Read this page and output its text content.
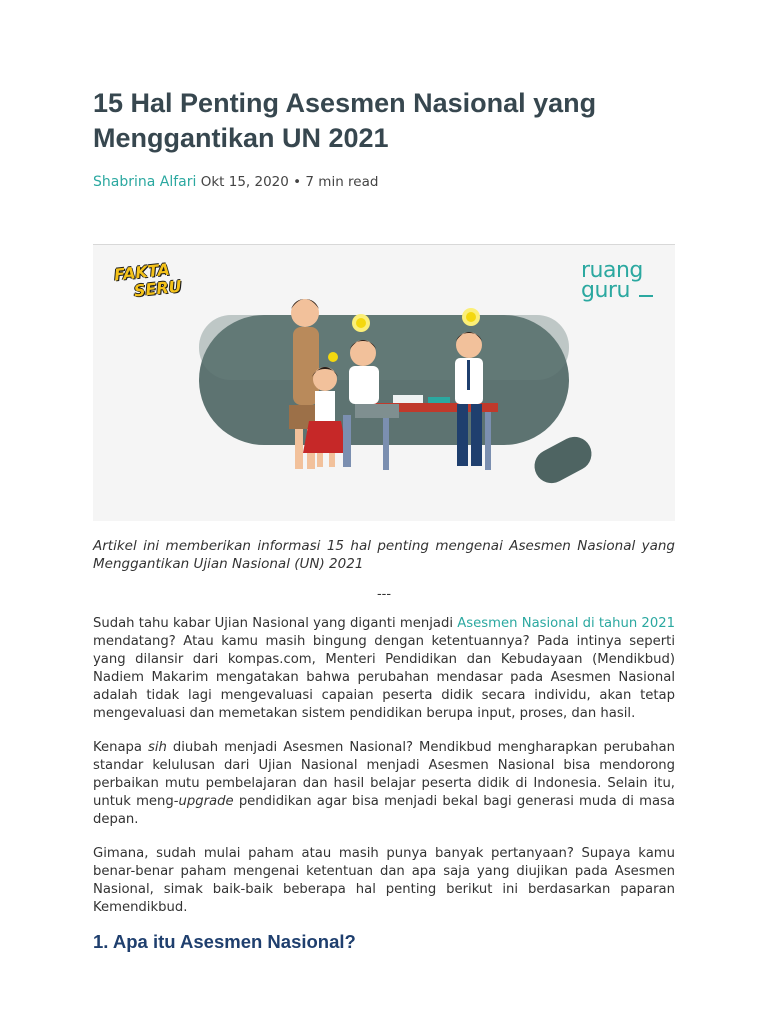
15 Hal Penting Asesmen Nasional yang Menggantikan UN 2021
Shabrina Alfari Okt 15, 2020 • 7 min read
FAKTA
SERU
ruang
guru

Artikel ini memberikan informasi 15 hal penting mengenai Asesmen Nasional yang Menggantikan Ujian Nasional (UN) 2021

---

Sudah tahu kabar Ujian Nasional yang diganti menjadi Asesmen Nasional di tahun 2021 mendatang? Atau kamu masih bingung dengan ketentuannya? Pada intinya seperti yang dilansir dari kompas.com, Menteri Pendidikan dan Kebudayaan (Mendikbud) Nadiem Makarim mengatakan bahwa perubahan mendasar pada Asesmen Nasional adalah tidak lagi mengevaluasi capaian peserta didik secara individu, akan tetap mengevaluasi dan memetakan sistem pendidikan berupa input, proses, dan hasil.

Kenapa sih diubah menjadi Asesmen Nasional? Mendikbud mengharapkan perubahan standar kelulusan dari Ujian Nasional menjadi Asesmen Nasional bisa mendorong perbaikan mutu pembelajaran dan hasil belajar peserta didik di Indonesia. Selain itu, untuk meng-upgrade pendidikan agar bisa menjadi bekal bagi generasi muda di masa depan.

Gimana, sudah mulai paham atau masih punya banyak pertanyaan? Supaya kamu benar-benar paham mengenai ketentuan dan apa saja yang diujikan pada Asesmen Nasional, simak baik-baik beberapa hal penting berikut ini berdasarkan paparan Kemendikbud.

1. Apa itu Asesmen Nasional?
